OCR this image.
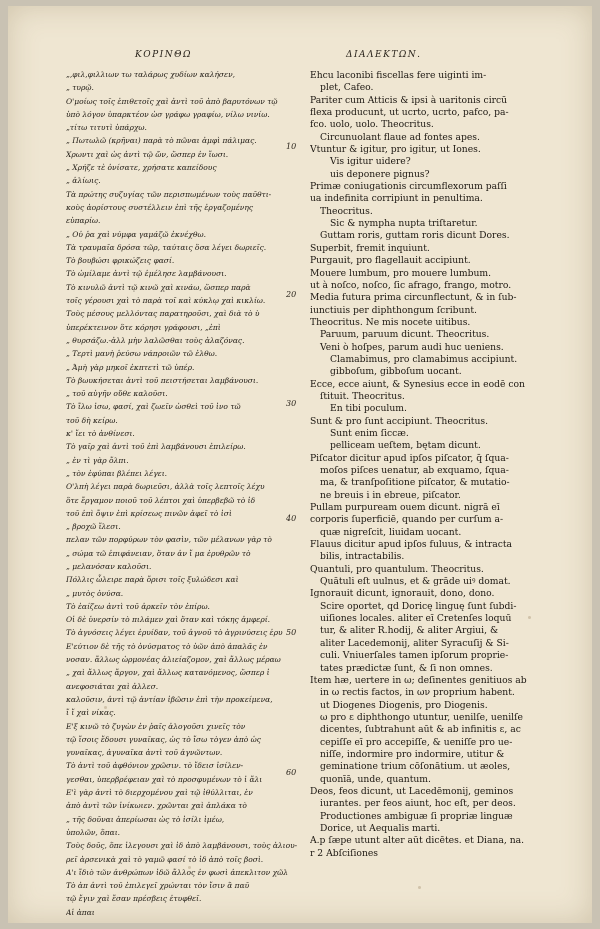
ΚΟΡΙΝΘΩ	ΔΙΑΛΕΚΤΩΝ.
„,φιλ,φιλλιων τω ταλάρως χυδίων καλήσεν,
„ τυρῷ.
Ο'μοίως τοῖς ἐπιθετοῖς χαὶ ἀντὶ τοῦ ἀπὸ βαρυτόνων τῷ
ὑπὸ λόγον ὑπαρκτέον ὡσ γράφω γραφίω, νίλω νινίω.
„τίτω τιτυτὶ ὑπάρχω.
„ Πωτωλῶ (κρῆναι) παρὰ τὸ πῶναι ἀμφὶ πάλιμας.
Χρωντι χαὶ ὡς ἀντὶ τῷ ὤν, ὥσπερ ἐν ἴωσι.
„ Χρήζε τὲ ὀνίσατε, χρήσατε καπείδους
„ ἀλίωις.
Τὰ πρώτης συζυγίας τῶν περισπωμένων τοὺς παῦθτι-
κοὺς ἀορίστους συστέλλειν ἐπὶ τῆς ἐργαζομένης
εὐπαρίω.
„ Οὐ ῥα χαὶ νύμφα γαμάζῶ ἐκνέχθω.
Τὰ τραυμαῖα δρόσα τῶρ, ταύταις ὅσα λέγει δωριεῖς.
Τὸ βουβώσι φρικώζεις φασί.
Τὸ ὠμίλαμε ἀντὶ τῷ ἐμέλησε λαμβάνουσι.
Τὸ κινυλῶ ἀντὶ τῷ κινῶ χαὶ κινάω, ὥσπερ παρὰ
τοῖς γέρουσι χαὶ τὸ παρὰ τοῖ καὶ κύκλῳ χαὶ κικλίω.
Τοὺς μέσους μελλόντας παρατηροῦσι, χαὶ διὰ τὸ ὺ
ὑπερέκτεινον ὅτε κόρησι γράφουσι, „ἐπὶ
„ θυρσάζω.-ἀλλ μὴν λαλῶσθαι τοὺς ἀλαζόνας.
„ Τερτὶ μανὴ ῥεύσω νάπροιῶν τῶ ἐλθω.
„ Ἀμὴ γὰρ μηκοῖ ἐκπτετὶ τῶ ὑπέρ.
Τὸ βωυκήσεται ἀντὶ τοῦ πειστήσεται λαμβάνουσι.
„ τοῦ αὐγῆν οὔθε καλοῦσι.
Τὸ ἴλω ἰσω, φασί, χαὶ ζωεῖν ὡσθεὶ τοῦ ἰνο τῶ
τοῦ δὴ κείρω.
κ' ἴει τὸ ἀνθίνεσι.
Τὸ γαῖρ χαὶ ἀντὶ τοῦ ἐπὶ λαμβάνουσι ἐπιλείρω.
„ ἐν τὶ γὰρ ὄλπι.
„ τὸν ἐφύπαι βλέπει λέγει.
Ο'λπὴ λέγει παρὰ δωριεῦσι, ἀλλὰ τοῖς λεπτοῖς λέχυ
ὅτε ἔργαμον ποιοῦ τοῦ λέπτοι χαὶ ὑπερβεβῶ τὸ ἰδ
τοῦ ἐπὶ ὄψιν ἐπὶ κρίσεως πινῶν ἀφεῖ τὸ ἰσὶ
„ βροχῶ ἴλεσι.
πελαν τῶν πορφύρων τὸν φασὶν, τῶν μέλανων γὰρ τὸ
„ σώμα τῶ ἐπιφάνειαν, ὅταν ἀν ἴ μα ἐρυθρῶν τὸ
„ μελανόσαν καλοῦσι.
Πόλλις ὦλειρε παρὰ ὄρισι τοῖς ξυλώδεσι καὶ
„ μυτὸς ὀνύσα.
Τὸ ἐαίζεω ἀντὶ τοῦ ἀρκεῖν τὸν ἐπίρω.
Οἱ δὲ ὑνερσίν τὸ πιλάμεν χαὶ ὅταν καὶ τόκης ἀμφερί.
Τὸ ἀγνόσεις λέγει ἐρυίδαν, τοῦ ἀγνοῦ τὸ ἀγρινύσεις ἐρυ
Ε'εύτιον δὲ τῆς τὸ ὀνύσματος τὸ ὑῶν ἀπὸ ἀπαλᾶς ἐν
νοσαν. ἄλλως ὡρμονέας ἀλιείαζομον, χαὶ ἄλλως μέραω
„ χαὶ ἄλλως ἄργον, χαὶ ἄλλως κατανόμενος, ὥσπερ ἰ
ανεφοσιάται χαὶ ἀλλεσ.
καλοῦσιν, ἀντὶ τῷ ἀντίαν ἰβῶσιν ἐπὶ τὴν προκείμενα,
ἴ ἴ χαὶ νίκας.
Ε'ξ κινῶ τὸ ζυγὼν ἐν ῥαῖς ἀλογοῦσι χινεῖς τὸν
τῷ ἴσοις ἔδουσι γυναῖκας, ὡς τὸ ἴσω τὸγεν ἀπὸ ὡς
γυναῖκας, ἀγυναῖκα ἀντὶ τοῦ ἀγνῶντων.
Τὸ ἀντὶ τοῦ ἀφθόνιον χρῶσιν. τὸ ἴδεισ ἰσίλεν-
γεσθαι, ὑπερβρέφειαν χαὶ τὸ προσφυμένων τὸ ἰ ἄλι
Ε'ὶ γὰρ ἀντὶ τὸ διερχομένου χαὶ τῷ ἰθύλλιται, ἐν
ἀπὸ ἀντὶ τῶν ἰνίκωιεν. χρῶνται χαὶ ἀπλάκα τὸ
„ τῆς δοῦναι ἀπερίωσαι ὡς τὸ ἰσίλι ἰμέω,
ὑπολῶν, ὅπαι.
Τοὺς δοῦς, ὅπε ἰλεγουσι χαὶ ἰδ ἀπὸ λαμβάνουσι, τοὺς ἀλιου-
ρεῖ ἀρσενικὰ χαὶ τὸ γαμῶ φασί τὸ ἰδ ἀπὸ τοῖς βοσὶ.
Α'ι ἴδιὸ τῶν ἀνθρώπων ἰδῶ ἄλλος ἐν φωσὶ ἀπεκλιτον χῶλ
Τὸ ἀπ ἀντὶ τοῦ ἐπιλεγεῖ χρώνται τὸν ἴσιν ἃ παῦ
τῷ ἔγιν χαὶ ἔσαν πρέσβεις ἐτυφθεῖ.
Αἱ ἀπαι
Ehcu laconibi fiscellas fere uiginti im-
plet, Cafeo.
Pariter cum Atticis & ipsi à uaritonis circū
flexa producunt, ut ucrto, ucrto, pafco, pa-
fco. uolo, uolo. Theocritus.
Circunuolant flaue ad fontes apes.
Vtuntur & igitur, pro igitur, ut Iones.
Vis igitur uidere?
uis deponere pignus?
Primæ coniugationis circumflexorum paſſi
ua indefinita corripiunt in penultima.
Theocritus.
Sic & nympha nupta triſtaretur.
Guttam roris, guttam roris dicunt Dores.
Superbit, fremit inquiunt.
Purgauit, pro flagellauit accipiunt.
Mouere lumbum, pro mouere lumbum.
ut à noſco, noſco, ſic afrago, frango, motro.
Media futura prima circunflectunt, & in ſub-
iunctiuis per diphthongum ſcribunt.
Theocritus. Ne mis nocete uitibus.
Paruum, paruum dicunt. Theocritus.
Veni ò hoſpes, parum audi huc ueniens.
Clamabimus, pro clamabimus accipiunt.
gibboſum, gibboſum uocant.
Ecce, ecce aiunt, & Synesius ecce in eodē con
ſtituit. Theocritus.
En tibi poculum.
Sunt & pro ſunt accipiunt. Theocritus.
Sunt enim ſiccæ.
pelliceam ueſtem, b̄ętam dicunt.
Piſcator dicitur apud ipſos piſcator, q̄ ſqua-
moſos piſces uenatur, ab exquamo, ſqua-
ma, & tranſpoſitione piſcator, & mutatio-
ne breuis i in ebreue, piſcator.
Pullam purpuream ouem dicunt. nigrā eī
corporis ſuperficiē, quando per curſum a-
quæ nigreſcit, liuidam uocant.
Flauus dicitur apud ipſos fuluus, & intracta
bilis, intractabilis.
Quantuli, pro quantulum. Theocritus.
Quātuli eſt uulnus, et & grāde uiꝰ domat.
Ignorauit dicunt, ignorauit, dono, dono.
Scire oportet, qd̄ Doricę linguę ſunt ſubdi-
uiſiones locales. aliter eī Cretenſes loquū
tur, & aliter R.hodij, & aliter Argiui, &
aliter Lacedemonij, aliter Syracuſij & Si-
culi. Vniuerſales tamen ipſorum proprie-
tates prædictæ ſunt, & ſi non omnes.
Item hæ, uertere in ω; deſinentes genitiuos ab
in ω rectis factos, in ων proprium habent.
ut Diogenes Diogenis, pro Diogenis.
ω pro ε diphthongo utuntur, uenilſe, uenilſe
dicentes, ſubtrahunt aūt & ab infinitis ε, ac
cepiſſe eī pro accepiſſe, & ueniſſe pro ue-
niſſe, indormire pro indormire, utitur &
geminatione trium cōſonātium. ut æoles,
quonīā, unde, quantum.
Deos, feos dicunt, ut Lacedēmonij, geminos
iurantes. per feos aiunt, hoc eſt, per deos.
Productiones ambiguæ ſi propriæ linguæ
Dorice, ut Aequalis marti.
A.p ſæpe utunt alter aūt dicētes. et Diana, na.
r 2 Abſciſiones
10
20
30
40
50
60
